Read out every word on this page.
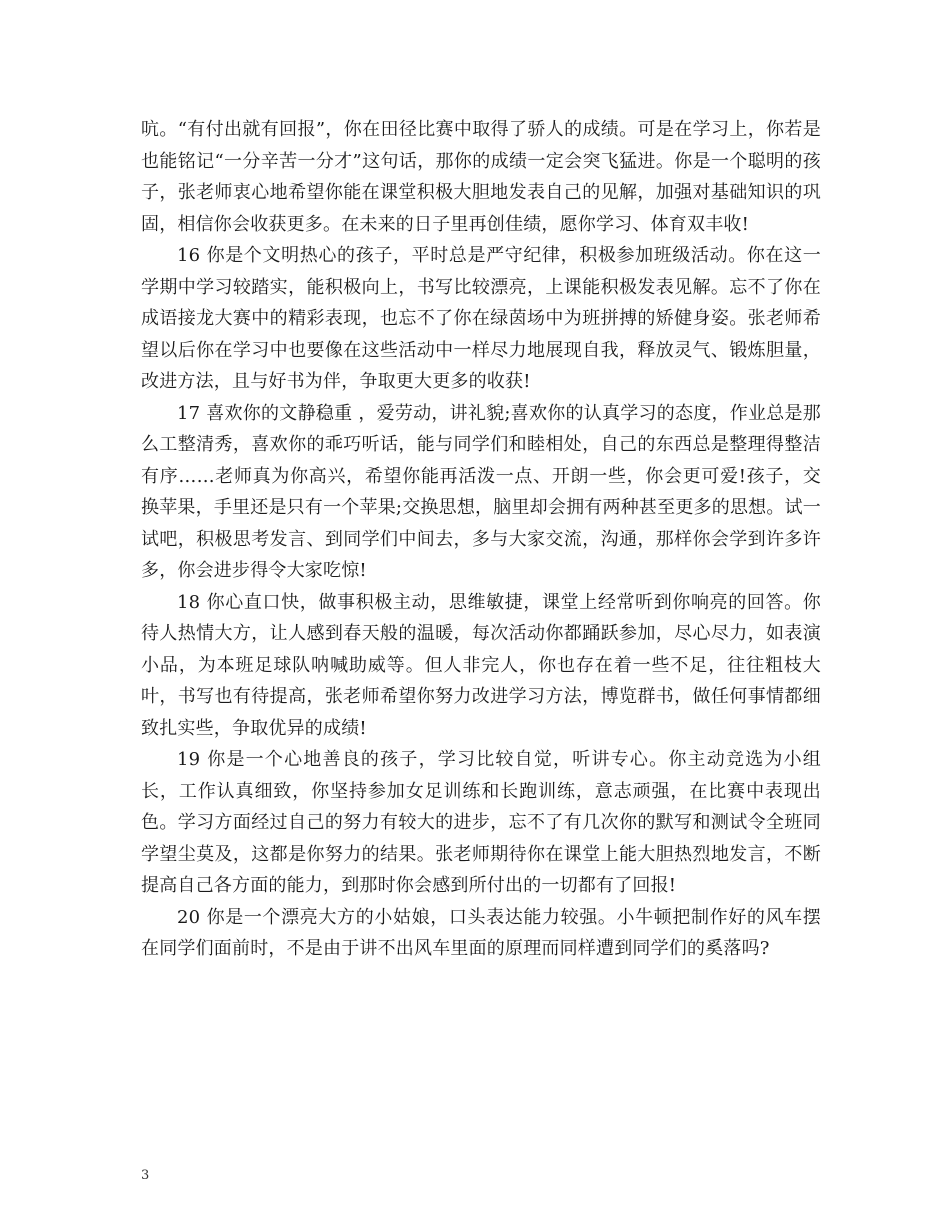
吭。“有付出就有回报”，你在田径比赛中取得了骄人的成绩。可是在学习上，你若是也能铭记“一分辛苦一分才”这句话，那你的成绩一定会突飞猛进。你是一个聪明的孩子，张老师衷心地希望你能在课堂积极大胆地发表自己的见解，加强对基础知识的巩固，相信你会收获更多。在未来的日子里再创佳绩，愿你学习、体育双丰收!

16 你是个文明热心的孩子，平时总是严守纪律，积极参加班级活动。你在这一学期中学习较踏实，能积极向上，书写比较漂亮，上课能积极发表见解。忘不了你在成语接龙大赛中的精彩表现，也忘不了你在绿茵场中为班拼搏的矫健身姿。张老师希望以后你在学习中也要像在这些活动中一样尽力地展现自我，释放灵气、锻炼胆量，改进方法，且与好书为伴，争取更大更多的收获!

17 喜欢你的文静稳重 ，爱劳动，讲礼貌;喜欢你的认真学习的态度，作业总是那么工整清秀，喜欢你的乖巧听话，能与同学们和睦相处，自己的东西总是整理得整洁有序……老师真为你高兴，希望你能再活泼一点、开朗一些，你会更可爱!孩子，交换苹果，手里还是只有一个苹果;交换思想，脑里却会拥有两种甚至更多的思想。试一试吧，积极思考发言、到同学们中间去，多与大家交流，沟通，那样你会学到许多许多，你会进步得令大家吃惊!

18 你心直口快，做事积极主动，思维敏捷，课堂上经常听到你响亮的回答。你待人热情大方，让人感到春天般的温暖，每次活动你都踊跃参加，尽心尽力，如表演小品，为本班足球队呐喊助威等。但人非完人，你也存在着一些不足，往往粗枝大叶，书写也有待提高，张老师希望你努力改进学习方法，博览群书，做任何事情都细致扎实些，争取优异的成绩!

19 你是一个心地善良的孩子，学习比较自觉，听讲专心。你主动竞选为小组长，工作认真细致，你坚持参加女足训练和长跑训练，意志顽强，在比赛中表现出色。学习方面经过自己的努力有较大的进步，忘不了有几次你的默写和测试令全班同学望尘莫及，这都是你努力的结果。张老师期待你在课堂上能大胆热烈地发言，不断提高自己各方面的能力，到那时你会感到所付出的一切都有了回报!

20 你是一个漂亮大方的小姑娘，口头表达能力较强。小牛顿把制作好的风车摆在同学们面前时，不是由于讲不出风车里面的原理而同样遭到同学们的奚落吗?

3
